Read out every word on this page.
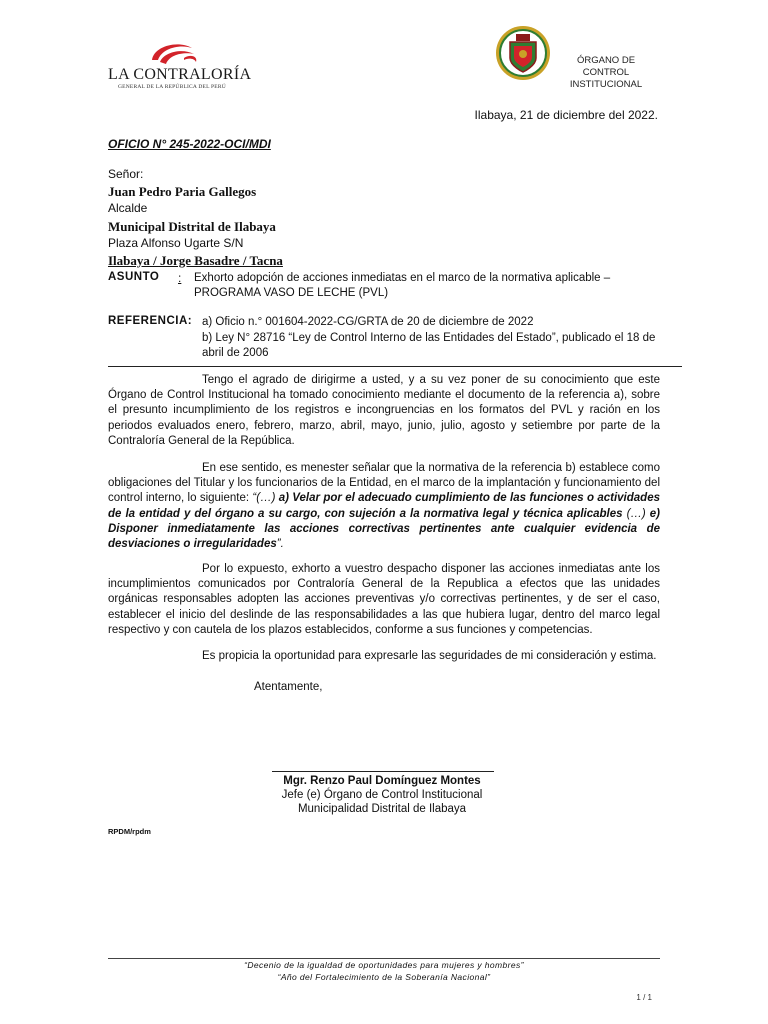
LA CONTRALORÍA
GENERAL DE LA REPÚBLICA DEL PERÚ
ÓRGANO DE CONTROL
INSTITUCIONAL
Ilabaya, 21 de diciembre del 2022.
OFICIO N° 245-2022-OCI/MDI
Señor:
Juan Pedro Paria Gallegos
Alcalde
Municipal Distrital de Ilabaya
Plaza Alfonso Ugarte S/N
Ilabaya / Jorge Basadre / Tacna
ASUNTO : Exhorto adopción de acciones inmediatas en el marco de la normativa aplicable – PROGRAMA VASO DE LECHE (PVL)
REFERENCIA: a) Oficio n.° 001604-2022-CG/GRTA de 20 de diciembre de 2022
b) Ley N° 28716 “Ley de Control Interno de las Entidades del Estado”, publicado el 18 de abril de 2006
Tengo el agrado de dirigirme a usted, y a su vez poner de su conocimiento que este Órgano de Control Institucional ha tomado conocimiento mediante el documento de la referencia a), sobre el presunto incumplimiento de los registros e incongruencias en los formatos del PVL y ración en los periodos evaluados enero, febrero, marzo, abril, mayo, junio, julio, agosto y setiembre por parte de la Contraloría General de la República.
En ese sentido, es menester señalar que la normativa de la referencia b) establece como obligaciones del Titular y los funcionarios de la Entidad, en el marco de la implantación y funcionamiento del control interno, lo siguiente: “(…) a) Velar por el adecuado cumplimiento de las funciones o actividades de la entidad y del órgano a su cargo, con sujeción a la normativa legal y técnica aplicables (…) e) Disponer inmediatamente las acciones correctivas pertinentes ante cualquier evidencia de desviaciones o irregularidades”.
Por lo expuesto, exhorto a vuestro despacho disponer las acciones inmediatas ante los incumplimientos comunicados por Contraloría General de la Republica a efectos que las unidades orgánicas responsables adopten las acciones preventivas y/o correctivas pertinentes, y de ser el caso, establecer el inicio del deslinde de las responsabilidades a las que hubiera lugar, dentro del marco legal respectivo y con cautela de los plazos establecidos, conforme a sus funciones y competencias.
Es propicia la oportunidad para expresarle las seguridades de mi consideración y estima.
Atentamente,
Mgr. Renzo Paul Domínguez Montes
Jefe (e) Órgano de Control Institucional
Municipalidad Distrital de Ilabaya
RPDM/rpdm
“Decenio de la igualdad de oportunidades para mujeres y hombres”
“Año del Fortalecimiento de la Soberanía Nacional”
1 / 1
